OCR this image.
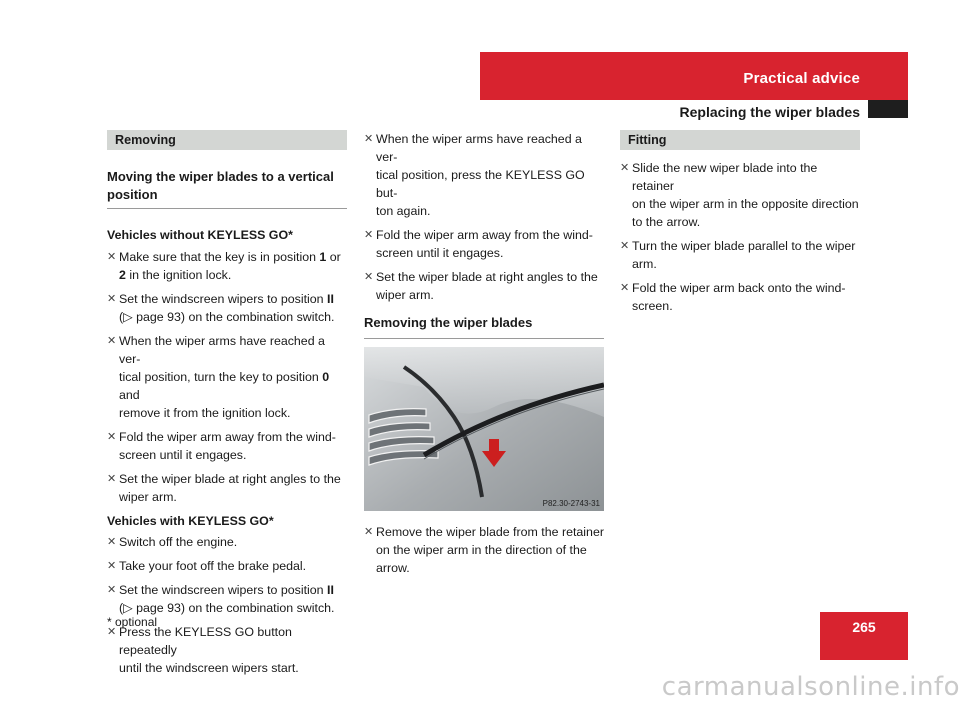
Practical advice
Replacing the wiper blades
Removing
Moving the wiper blades to a vertical position
Vehicles without KEYLESS GO*
✕ Make sure that the key is in position 1 or
2 in the ignition lock.
✕ Set the windscreen wipers to position II
(▷ page 93) on the combination switch.
✕ When the wiper arms have reached a ver-
tical position, turn the key to position 0 and
remove it from the ignition lock.
✕ Fold the wiper arm away from the wind-
screen until it engages.
✕ Set the wiper blade at right angles to the
wiper arm.
Vehicles with KEYLESS GO*
✕ Switch off the engine.
✕ Take your foot off the brake pedal.
✕ Set the windscreen wipers to position II
(▷ page 93) on the combination switch.
✕ Press the KEYLESS GO button repeatedly
until the windscreen wipers start.
✕ When the wiper arms have reached a ver-
tical position, press the KEYLESS GO but-
ton again.
✕ Fold the wiper arm away from the wind-
screen until it engages.
✕ Set the wiper blade at right angles to the
wiper arm.
Removing the wiper blades
P82.30-2743-31
✕ Remove the wiper blade from the retainer
on the wiper arm in the direction of the
arrow.
Fitting
✕ Slide the new wiper blade into the retainer
on the wiper arm in the opposite direction
to the arrow.
✕ Turn the wiper blade parallel to the wiper
arm.
✕ Fold the wiper arm back onto the wind-
screen.
* optional	265
carmanualsonline.info
